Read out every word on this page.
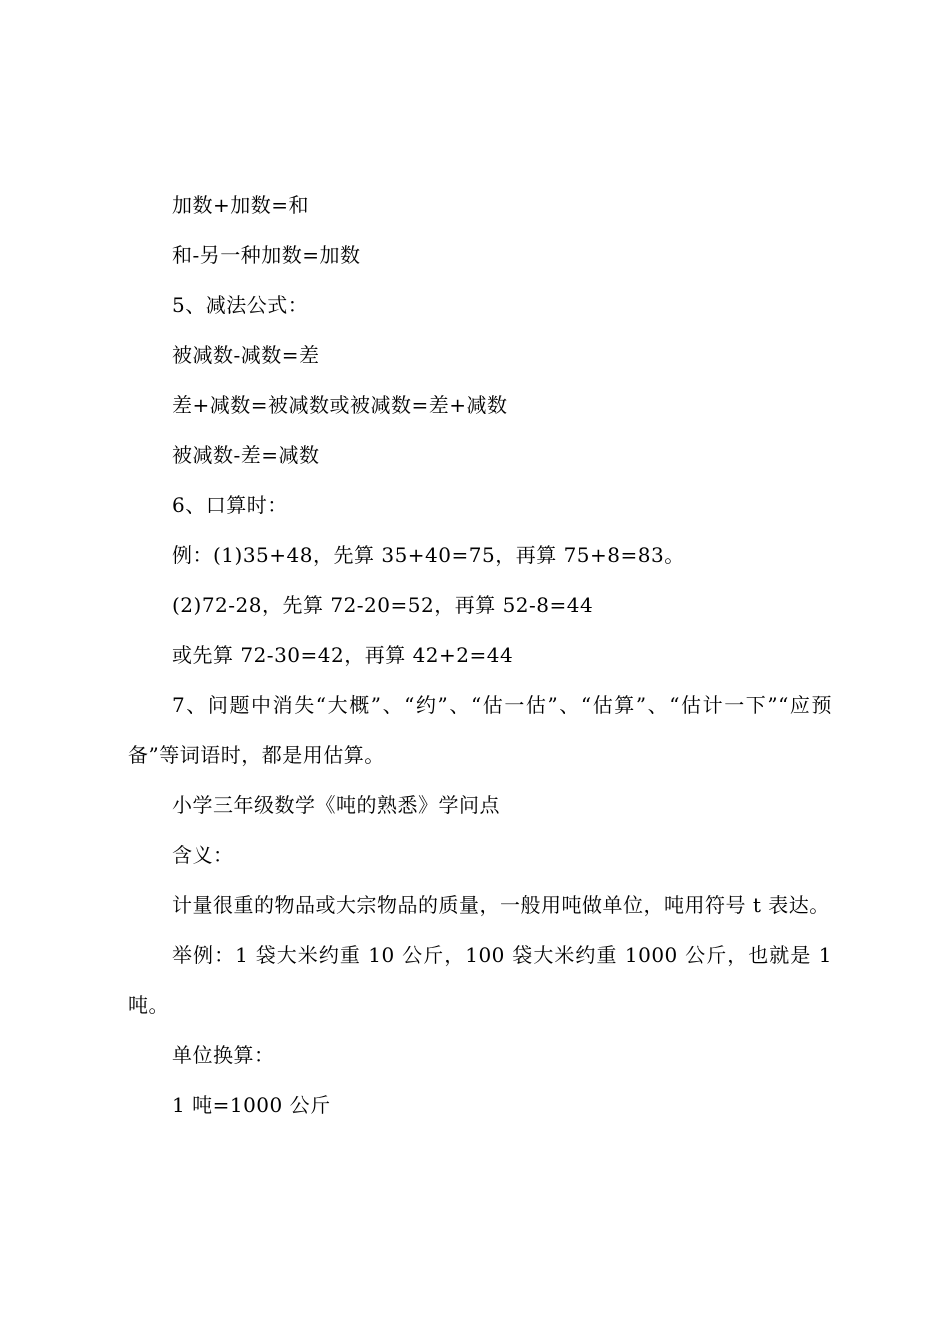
加数+加数=和

和-另一种加数=加数

5、减法公式：

被减数-减数=差

差+减数=被减数或被减数=差+减数

被减数-差=减数

6、口算时：

例：(1)35+48，先算 35+40=75，再算 75+8=83。

(2)72-28，先算 72-20=52，再算 52-8=44

或先算 72-30=42，再算 42+2=44

7、问题中消失“大概”、“约”、“估一估”、“估算”、“估计一下”“应预备”等词语时，都是用估算。

小学三年级数学《吨的熟悉》学问点

含义：

计量很重的物品或大宗物品的质量，一般用吨做单位，吨用符号 t 表达。

举例：1 袋大米约重 10 公斤，100 袋大米约重 1000 公斤，也就是 1 吨。

单位换算：

1 吨=1000 公斤
